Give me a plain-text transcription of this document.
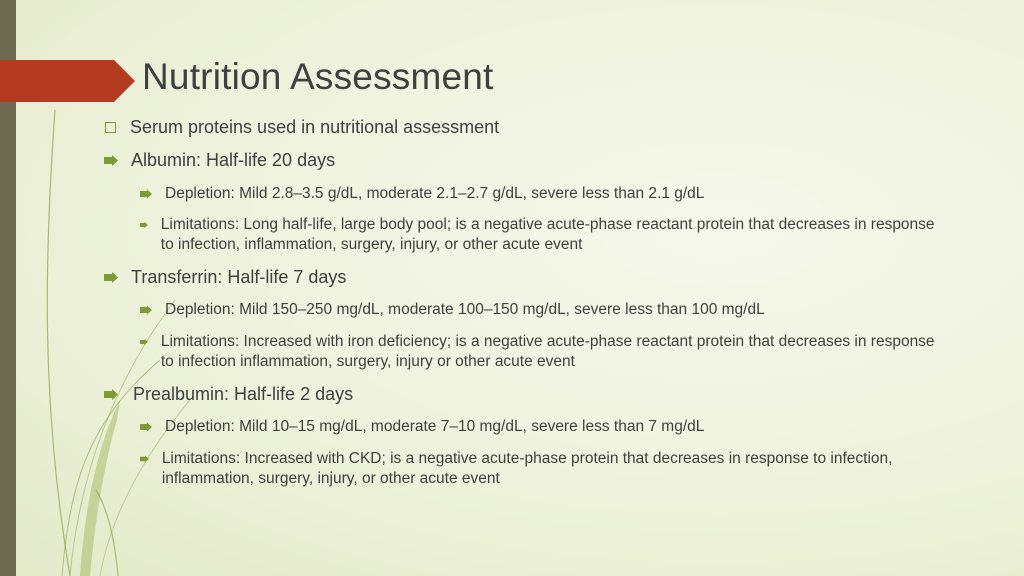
Nutrition Assessment
Serum proteins used in nutritional assessment
Albumin: Half-life 20 days
Depletion: Mild 2.8–3.5 g/dL, moderate 2.1–2.7 g/dL, severe less than 2.1 g/dL
Limitations: Long half-life, large body pool; is a negative acute-phase reactant protein that decreases in response to infection, inflammation, surgery, injury, or other acute event
Transferrin: Half-life 7 days
Depletion: Mild 150–250 mg/dL, moderate 100–150 mg/dL, severe less than 100 mg/dL
Limitations: Increased with iron deficiency; is a negative acute-phase reactant protein that decreases in response to infection inflammation, surgery, injury or other acute event
Prealbumin: Half-life 2 days
Depletion: Mild 10–15 mg/dL, moderate 7–10 mg/dL, severe less than 7 mg/dL
Limitations: Increased with CKD; is a negative acute-phase protein that decreases in response to infection, inflammation, surgery, injury, or other acute event
